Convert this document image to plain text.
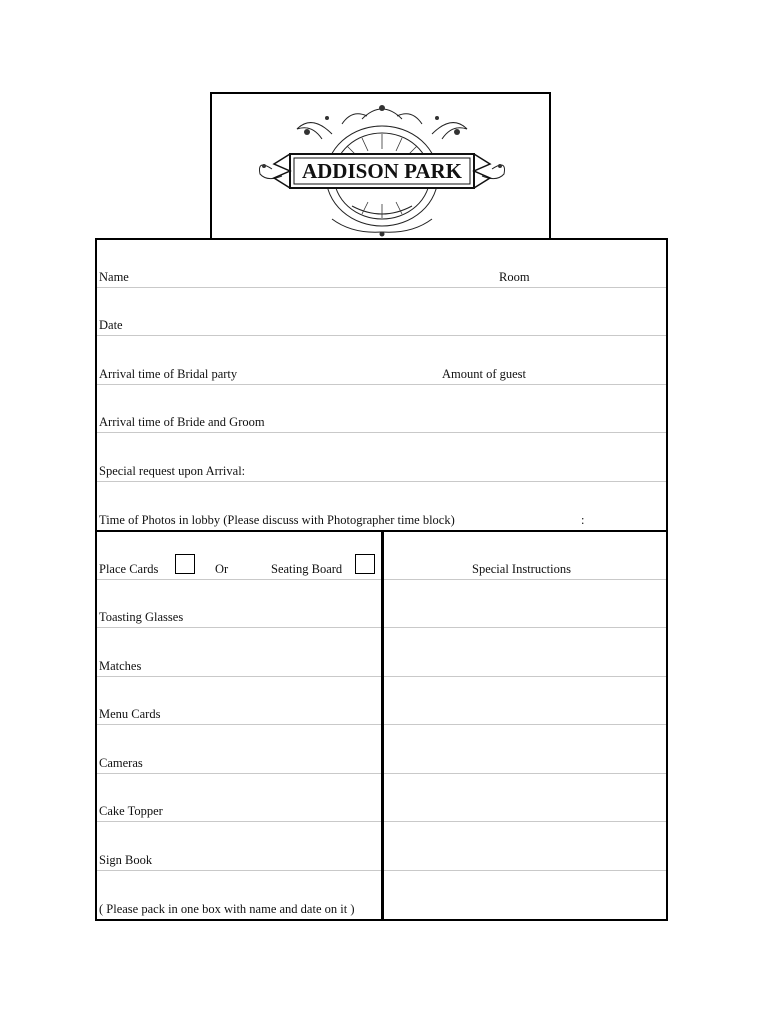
ADDISON PARK
Name	Room
Date
Arrival time of Bridal party	Amount of guest
Arrival time of Bride and Groom
Special request upon Arrival:
Time of Photos in lobby (Please discuss with Photographer time block)	:
Place Cards	Or	Seating Board
Toasting Glasses
Matches
Menu Cards
Cameras
Cake Topper
Sign Book
( Please pack in one box with name and date on it )
Special Instructions
